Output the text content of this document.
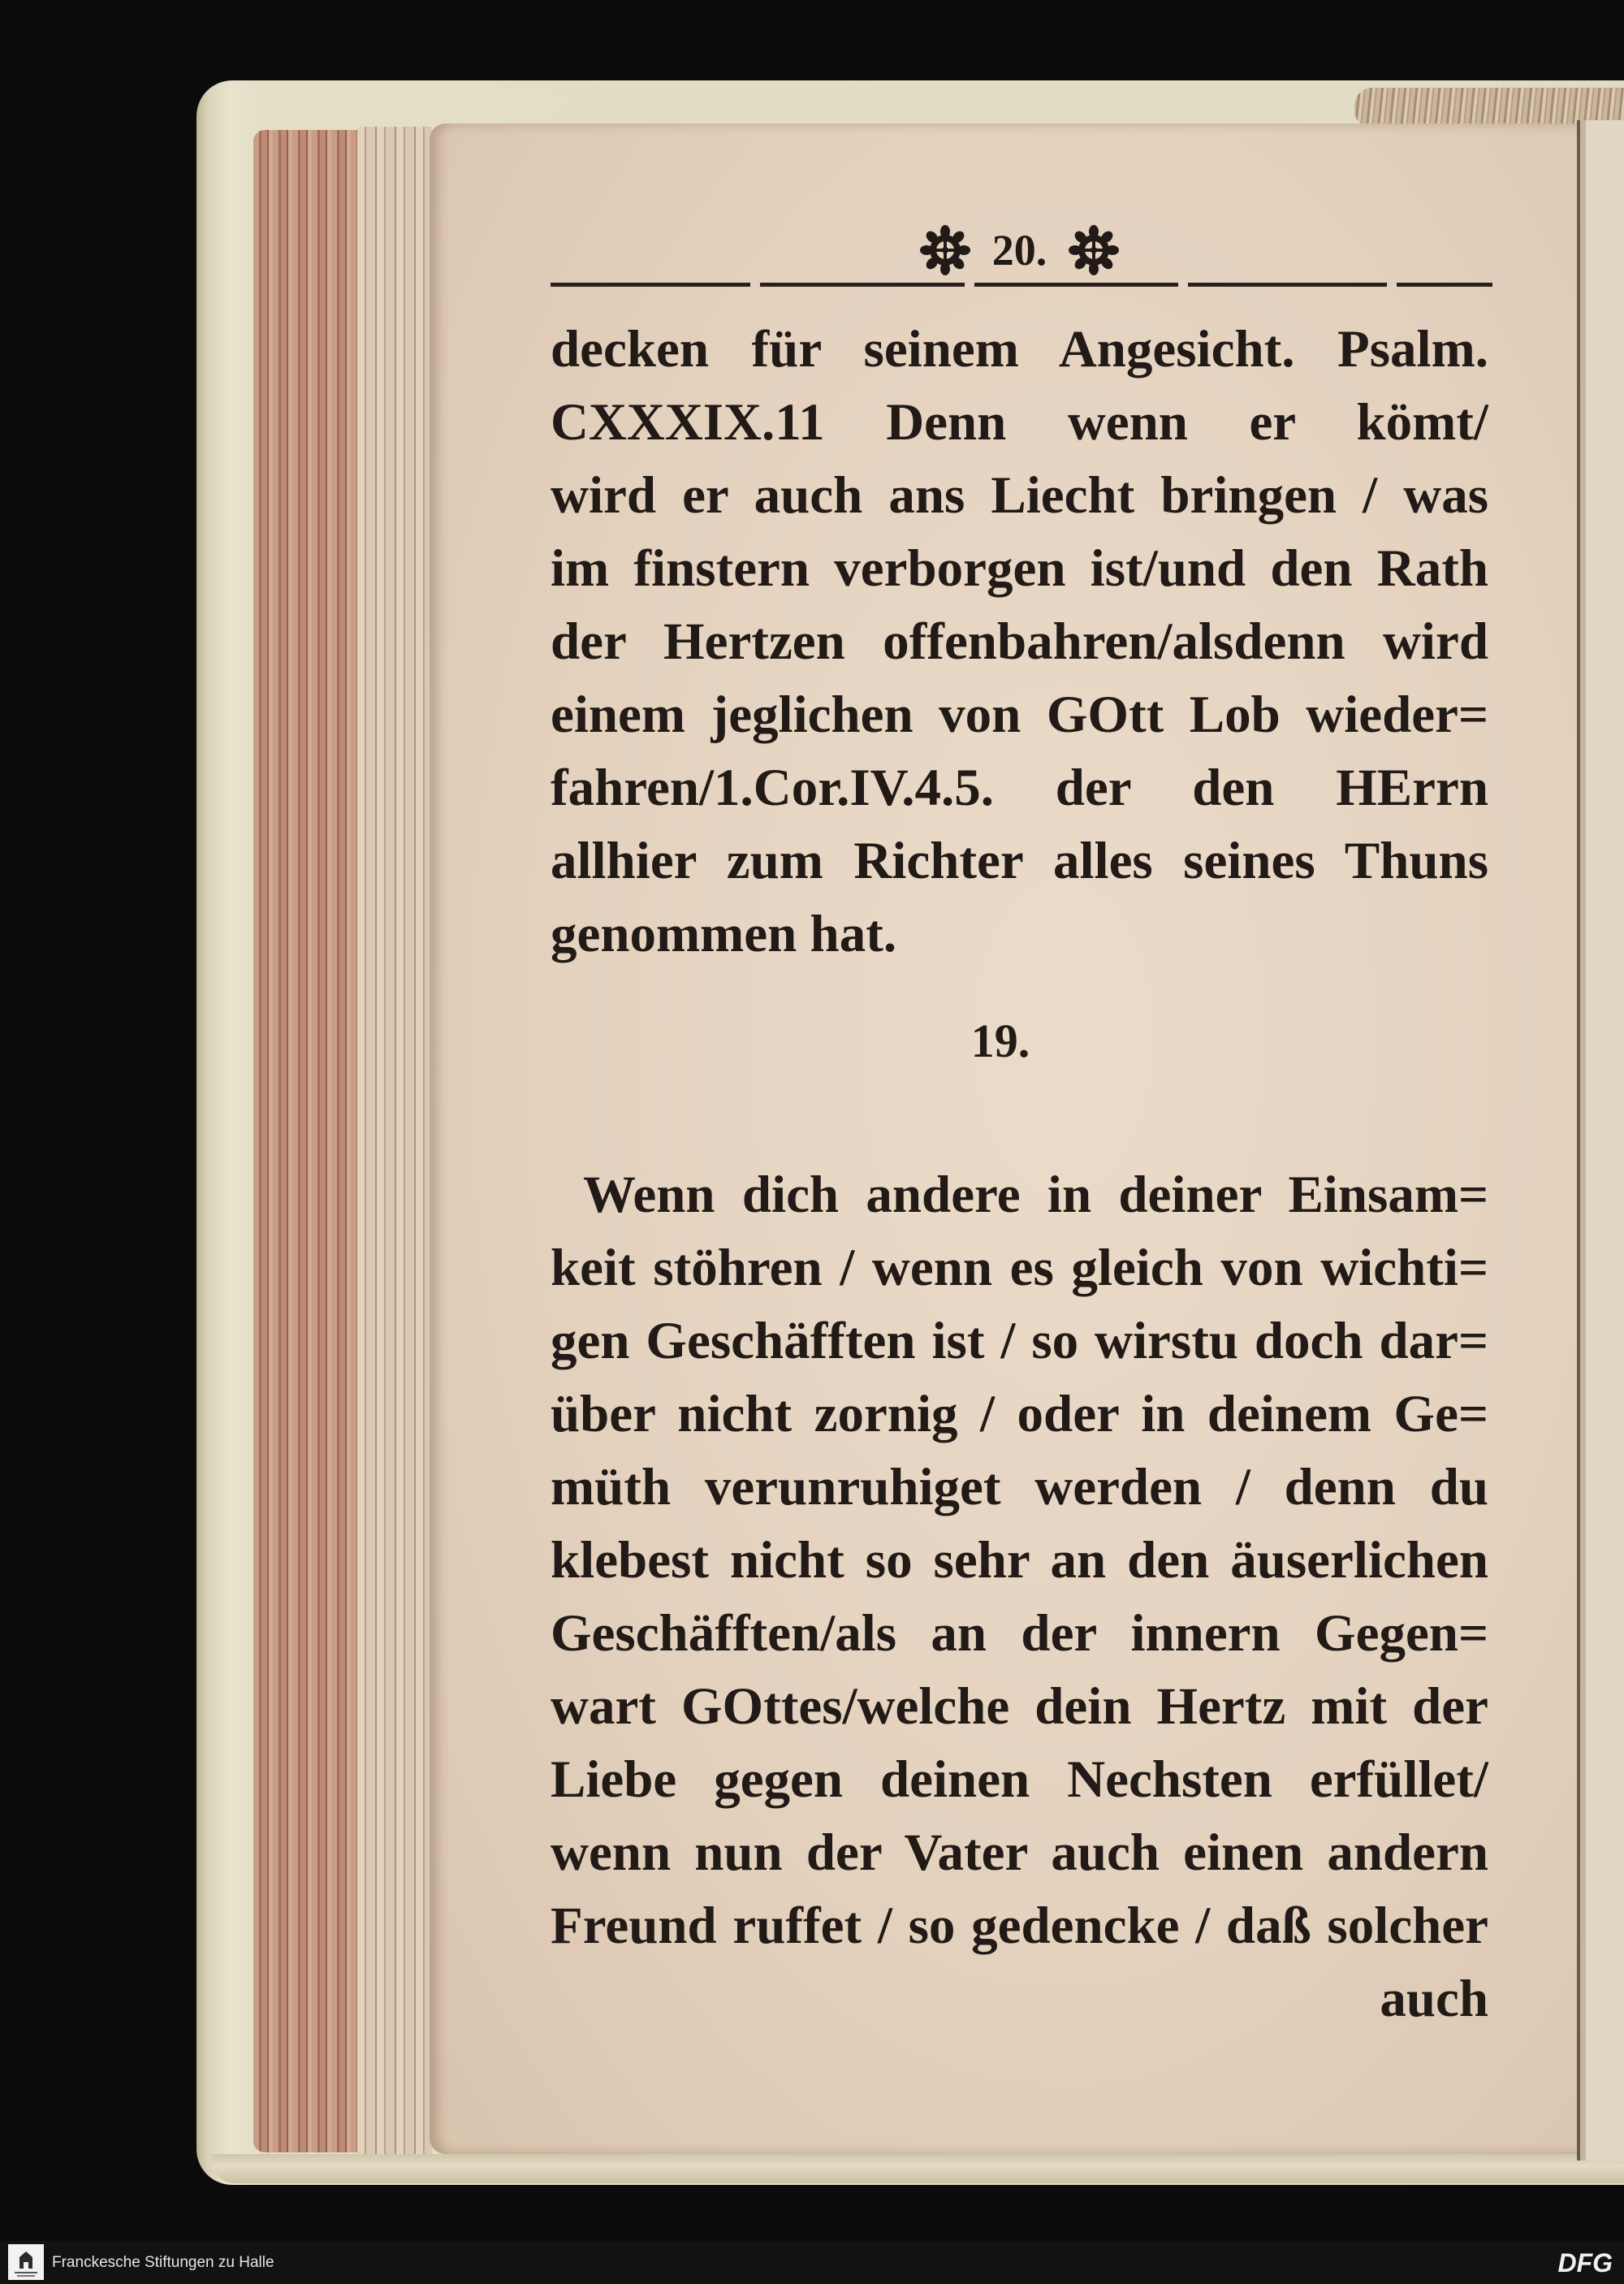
20.
decken für seinem Angesicht. Psalm.
CXXXIX.11 Denn wenn er kömt/
wird er auch ans Liecht bringen / was
im finstern verborgen ist/und den Rath
der Hertzen offenbahren/alsdenn wird
einem jeglichen von GOtt Lob wieder=
fahren/1.Cor.IV.4.5. der den HErrn
allhier zum Richter alles seines Thuns
genommen hat.
19.
Wenn dich andere in deiner Einsam=
keit stöhren / wenn es gleich von wichti=
gen Geschäfften ist / so wirstu doch dar=
über nicht zornig / oder in deinem Ge=
müth verunruhiget werden / denn du
klebest nicht so sehr an den äuserlichen
Geschäfften/als an der innern Gegen=
wart GOttes/welche dein Hertz mit der
Liebe gegen deinen Nechsten erfüllet/
wenn nun der Vater auch einen andern
Freund ruffet / so gedencke / daß solcher
auch
Franckesche Stiftungen zu Halle	DFG
